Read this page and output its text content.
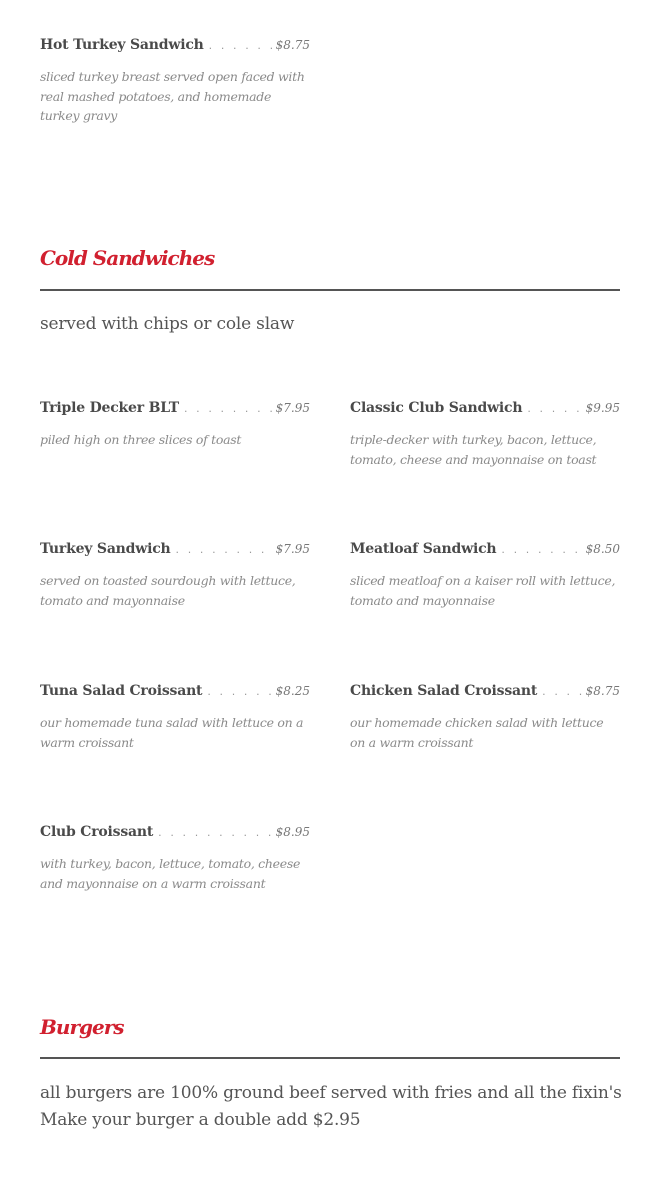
Hot Turkey Sandwich . . .	$8.75
sliced turkey breast served open faced with real mashed potatoes, and homemade turkey gravy
Cold Sandwiches
served with chips or cole slaw
Triple Decker BLT . . .	$7.95
piled high on three slices of toast
Classic Club Sandwich . . .	$9.95
triple-decker with turkey, bacon, lettuce, tomato, cheese and mayonnaise on toast
Turkey Sandwich . . .	$7.95
served on toasted sourdough with lettuce, tomato and mayonnaise
Meatloaf Sandwich . . .	$8.50
sliced meatloaf on a kaiser roll with lettuce, tomato and mayonnaise
Tuna Salad Croissant . . .	$8.25
our homemade tuna salad with lettuce on a warm croissant
Chicken Salad Croissant . . .	$8.75
our homemade chicken salad with lettuce on a warm croissant
Club Croissant . . .	$8.95
with turkey, bacon, lettuce, tomato, cheese and mayonnaise on a warm croissant
Burgers
all burgers are 100% ground beef served with fries and all the fixin's
Make your burger a double add $2.95
